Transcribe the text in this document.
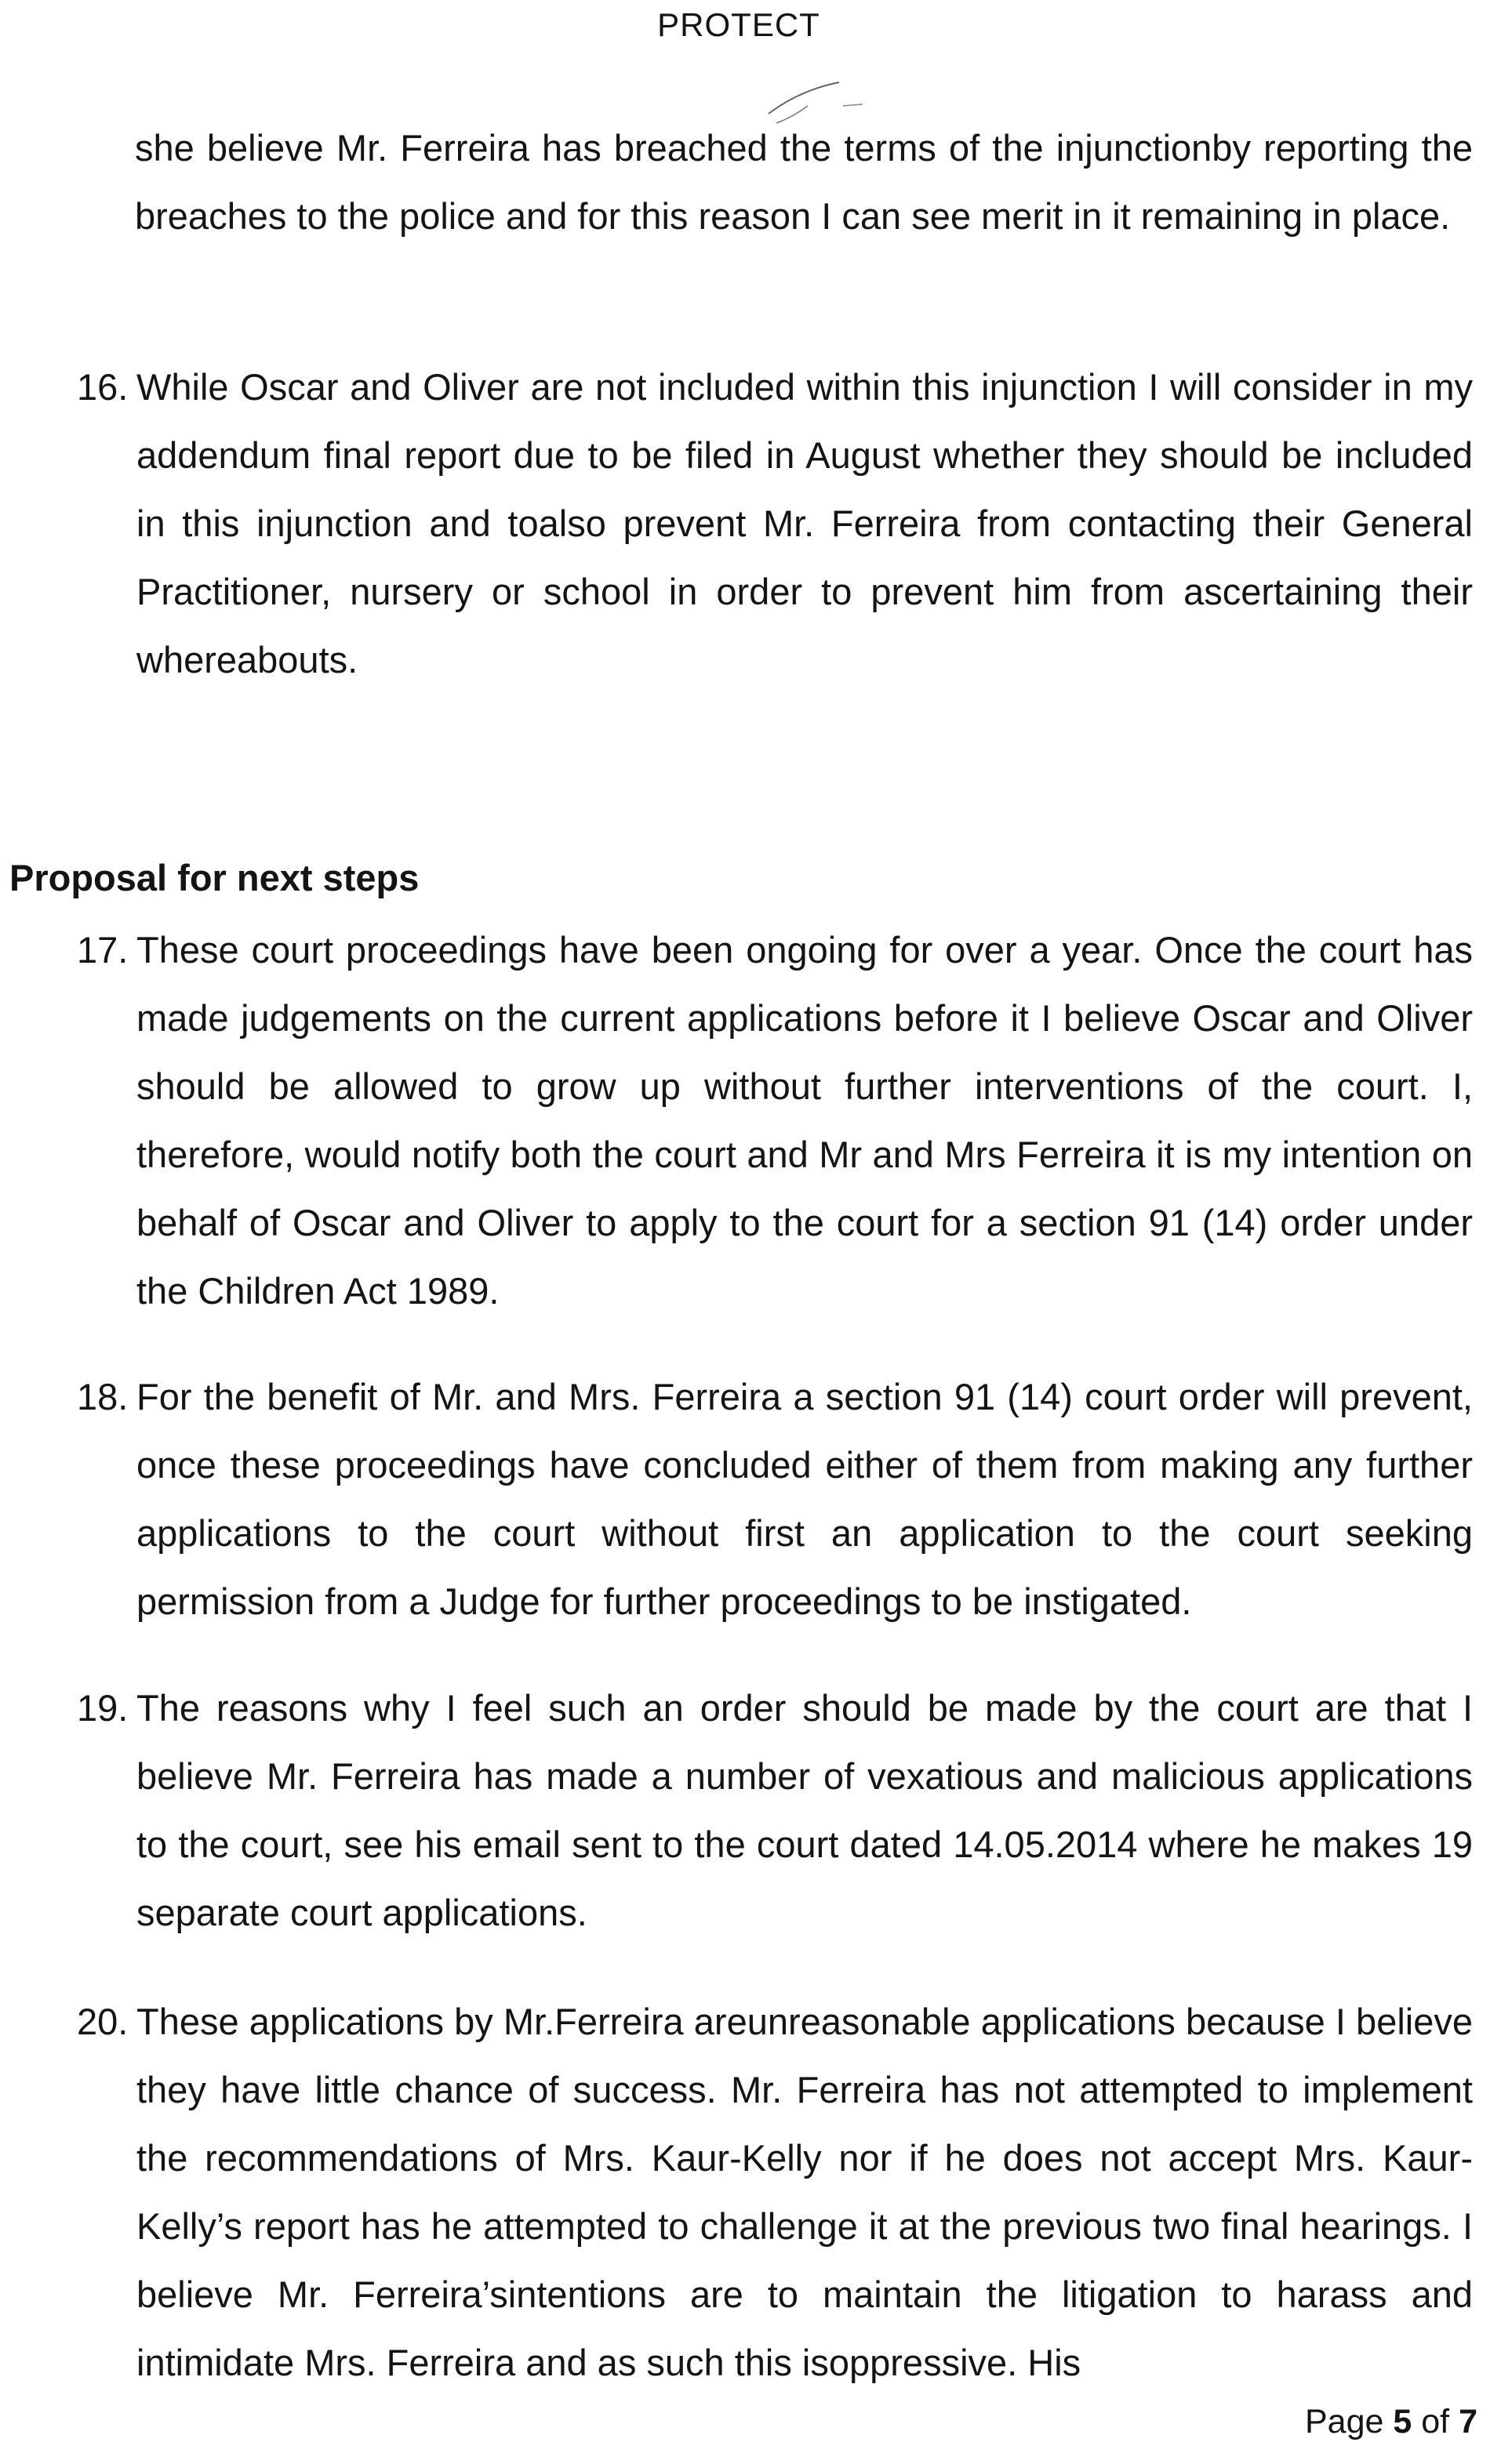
PROTECT
she believe Mr. Ferreira has breached the terms of the injunctionby reporting the breaches to the police and for this reason I can see merit in it remaining in place.
16. While Oscar and Oliver are not included within this injunction I will consider in my addendum final report due to be filed in August whether they should be included in this injunction and toalso prevent Mr. Ferreira from contacting their General Practitioner, nursery or school in order to prevent him from ascertaining their whereabouts.
Proposal for next steps
17. These court proceedings have been ongoing for over a year. Once the court has made judgements on the current applications before it I believe Oscar and Oliver should be allowed to grow up without further interventions of the court. I, therefore, would notify both the court and Mr and Mrs Ferreira it is my intention on behalf of Oscar and Oliver to apply to the court for a section 91 (14) order under the Children Act 1989.
18. For the benefit of Mr. and Mrs. Ferreira a section 91 (14) court order will prevent, once these proceedings have concluded either of them from making any further applications to the court without first an application to the court seeking permission from a Judge for further proceedings to be instigated.
19. The reasons why I feel such an order should be made by the court are that I believe Mr. Ferreira has made a number of vexatious and malicious applications to the court, see his email sent to the court dated 14.05.2014 where he makes 19 separate court applications.
20. These applications by Mr.Ferreira areunreasonable applications because I believe they have little chance of success. Mr. Ferreira has not attempted to implement the recommendations of Mrs. Kaur-Kelly nor if he does not accept Mrs. Kaur-Kelly’s report has he attempted to challenge it at the previous two final hearings. I believe Mr. Ferreira’sintentions are to maintain the litigation to harass and intimidate Mrs. Ferreira and as such this isoppressive. His
Page 5 of 7
